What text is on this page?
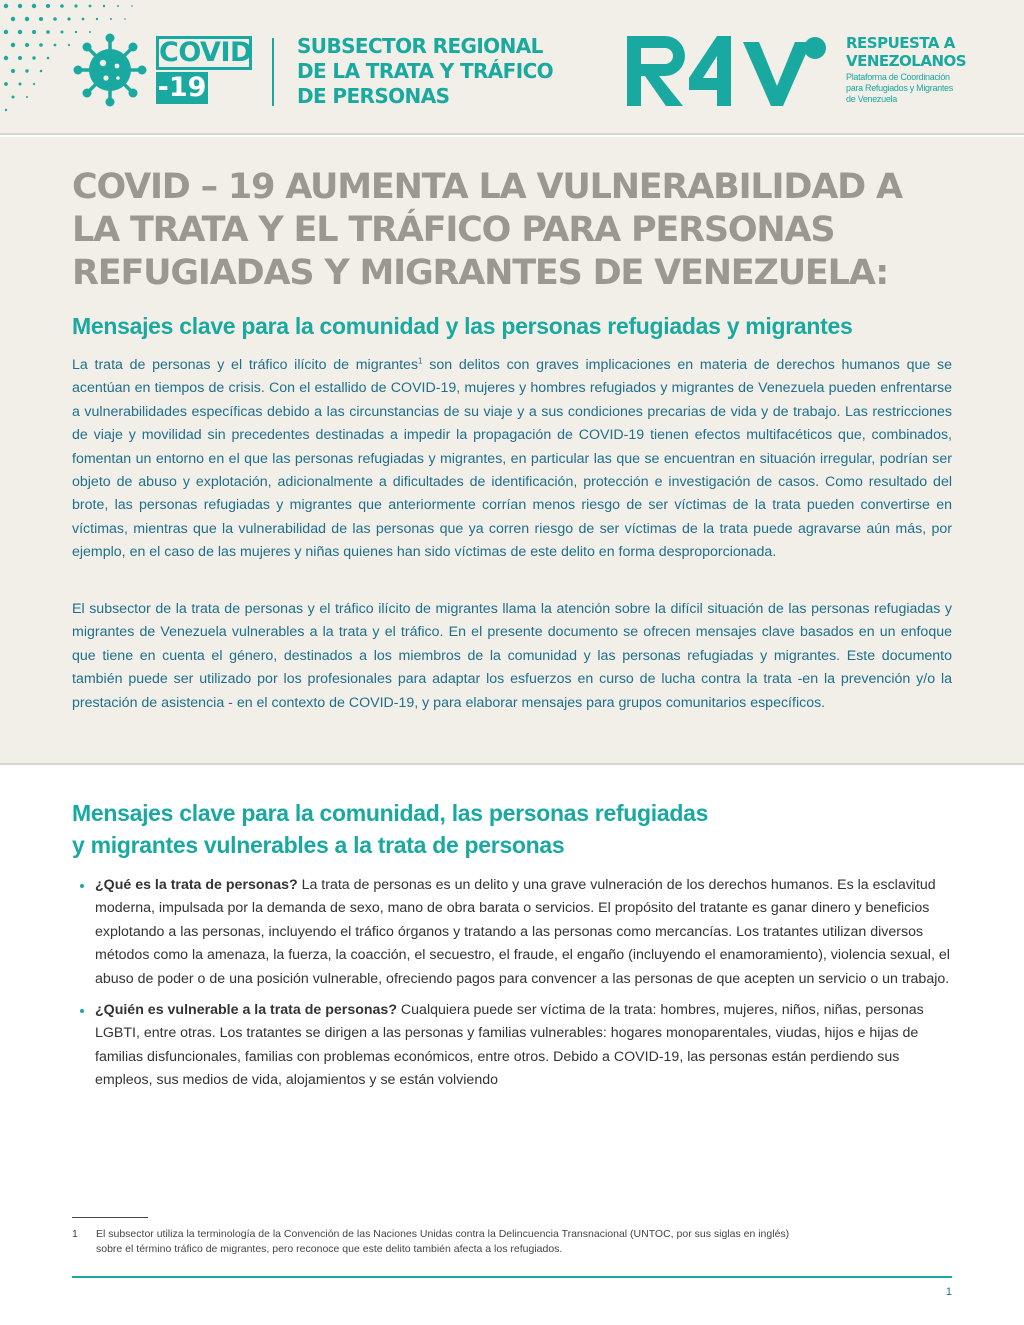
COVID
-19
SUBSECTOR REGIONAL
DE LA TRATA Y TRÁFICO
DE PERSONAS
RESPUESTA A
VENEZOLANOS
Plataforma de Coordinación
para Refugiados y Migrantes
de Venezuela
COVID – 19 AUMENTA LA VULNERABILIDAD A LA TRATA Y EL TRÁFICO PARA PERSONAS REFUGIADAS Y MIGRANTES DE VENEZUELA:
Mensajes clave para la comunidad y las personas refugiadas y migrantes

La trata de personas y el tráfico ilícito de migrantes$^1$ son delitos con graves implicaciones en materia de derechos humanos que se acentúan en tiempos de crisis. Con el estallido de COVID-19, mujeres y hombres refugiados y migrantes de Venezuela pueden enfrentarse a vulnerabilidades específicas debido a las circunstancias de su viaje y a sus condiciones precarias de vida y de trabajo. Las restricciones de viaje y movilidad sin precedentes destinadas a impedir la propagación de COVID-19 tienen efectos multifacéticos que, combinados, fomentan un entorno en el que las personas refugiadas y migrantes, en particular las que se encuentran en situación irregular, podrían ser objeto de abuso y explotación, adicionalmente a dificultades de identificación, protección e investigación de casos. Como resultado del brote, las personas refugiadas y migrantes que anteriormente corrían menos riesgo de ser víctimas de la trata pueden convertirse en víctimas, mientras que la vulnerabilidad de las personas que ya corren riesgo de ser víctimas de la trata puede agravarse aún más, por ejemplo, en el caso de las mujeres y niñas quienes han sido víctimas de este delito en forma desproporcionada.

El subsector de la trata de personas y el tráfico ilícito de migrantes llama la atención sobre la difícil situación de las personas refugiadas y migrantes de Venezuela vulnerables a la trata y el tráfico. En el presente documento se ofrecen mensajes clave basados en un enfoque que tiene en cuenta el género, destinados a los miembros de la comunidad y las personas refugiadas y migrantes. Este documento también puede ser utilizado por los profesionales para adaptar los esfuerzos en curso de lucha contra la trata -en la prevención y/o la prestación de asistencia - en el contexto de COVID-19, y para elaborar mensajes para grupos comunitarios específicos.

Mensajes clave para la comunidad, las personas refugiadas
y migrantes vulnerables a la trata de personas
¿Qué es la trata de personas? La trata de personas es un delito y una grave vulneración de los derechos humanos. Es la esclavitud moderna, impulsada por la demanda de sexo, mano de obra barata o servicios. El propósito del tratante es ganar dinero y beneficios explotando a las personas, incluyendo el tráfico órganos y tratando a las personas como mercancías. Los tratantes utilizan diversos métodos como la amenaza, la fuerza, la coacción, el secuestro, el fraude, el engaño (incluyendo el enamoramiento), violencia sexual, el abuso de poder o de una posición vulnerable, ofreciendo pagos para convencer a las personas de que acepten un servicio o un trabajo.
¿Quién es vulnerable a la trata de personas? Cualquiera puede ser víctima de la trata: hombres, mujeres, niños, niñas, personas LGBTI, entre otras. Los tratantes se dirigen a las personas y familias vulnerables: hogares monoparentales, viudas, hijos e hijas de familias disfuncionales, familias con problemas económicos, entre otros. Debido a COVID-19, las personas están perdiendo sus empleos, sus medios de vida, alojamientos y se están volviendo
1	El subsector utiliza la terminología de la Convención de las Naciones Unidas contra la Delincuencia Transnacional (UNTOC, por sus siglas en inglés) sobre el término tráfico de migrantes, pero reconoce que este delito también afecta a los refugiados.
1
